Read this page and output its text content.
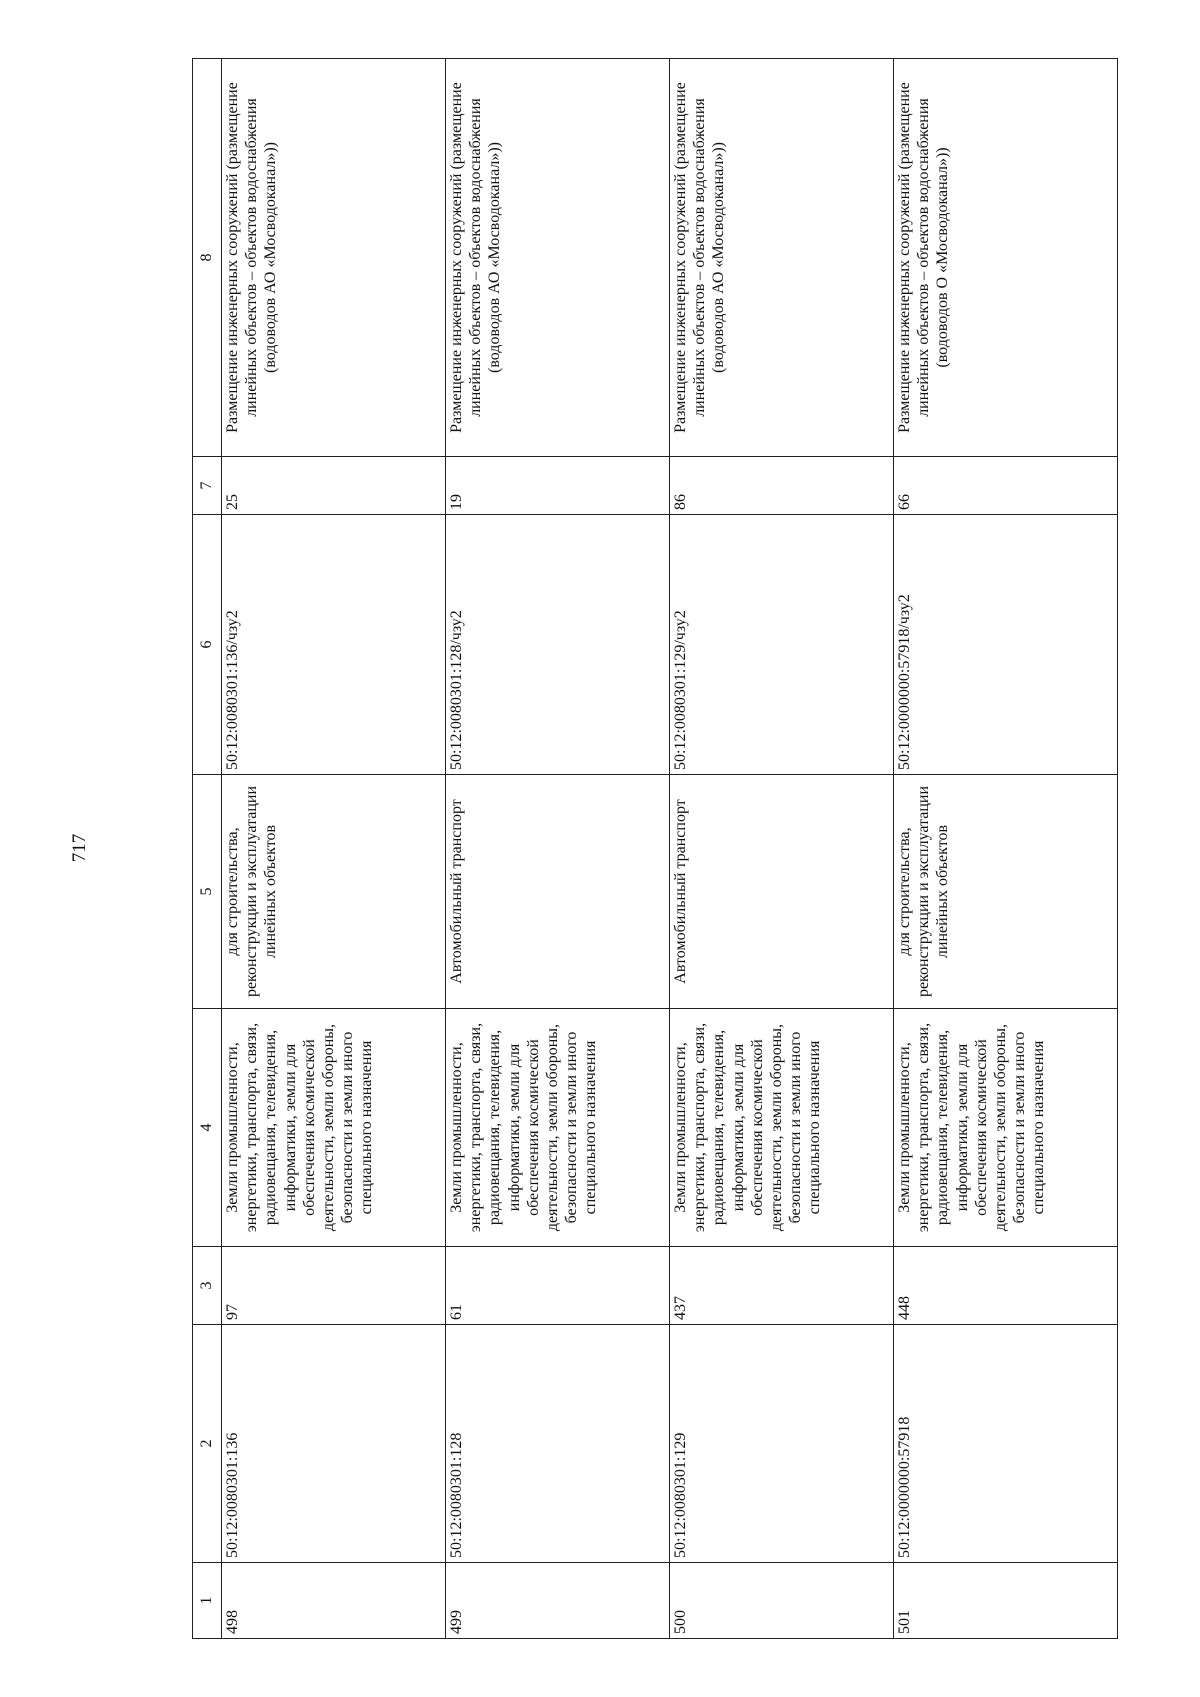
717
1	2	3	4	5	6	7	8
498	50:12:0080301:136	97	Земли промышленности, энергетики, транспорта, связи, радиовещания, телевидения, информатики, земли для обеспечения космической деятельности, земли обороны, безопасности и земли иного специального назначения	для строительства, реконструкции и эксплуатации линейных объектов	50:12:0080301:136/чзу2	25	Размещение инженерных сооружений (размещение линейных объектов – объектов водоснабжения (водоводов АО «Мосводоканал»))
499	50:12:0080301:128	61	Земли промышленности, энергетики, транспорта, связи, радиовещания, телевидения, информатики, земли для обеспечения космической деятельности, земли обороны, безопасности и земли иного специального назначения	Автомобильный транспорт	50:12:0080301:128/чзу2	19	Размещение инженерных сооружений (размещение линейных объектов – объектов водоснабжения (водоводов АО «Мосводоканал»))
500	50:12:0080301:129	437	Земли промышленности, энергетики, транспорта, связи, радиовещания, телевидения, информатики, земли для обеспечения космической деятельности, земли обороны, безопасности и земли иного специального назначения	Автомобильный транспорт	50:12:0080301:129/чзу2	86	Размещение инженерных сооружений (размещение линейных объектов – объектов водоснабжения (водоводов АО «Мосводоканал»))
501	50:12:0000000:57918	448	Земли промышленности, энергетики, транспорта, связи, радиовещания, телевидения, информатики, земли для обеспечения космической деятельности, земли обороны, безопасности и земли иного специального назначения	для строительства, реконструкции и эксплуатации линейных объектов	50:12:0000000:57918/чзу2	66	Размещение инженерных сооружений (размещение линейных объектов – объектов водоснабжения (водоводов О «Мосводоканал»))
